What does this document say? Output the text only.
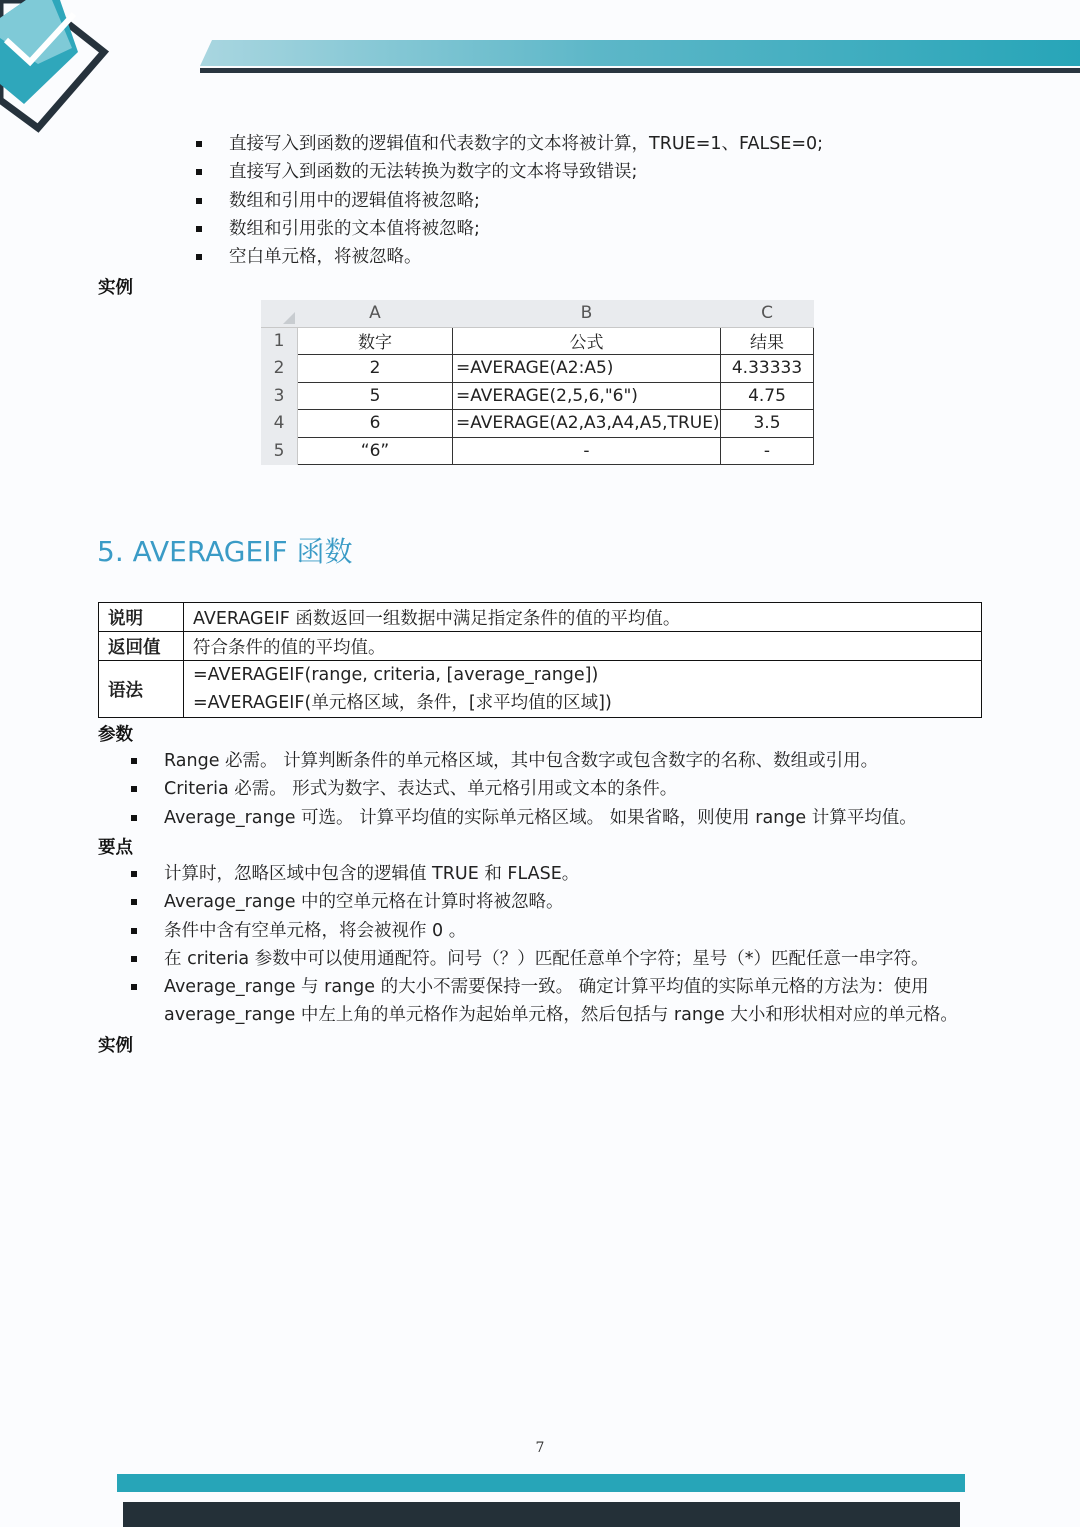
直接写入到函数的逻辑值和代表数字的文本将被计算，TRUE=1、FALSE=0;
直接写入到函数的无法转换为数字的文本将导致错误;
数组和引用中的逻辑值将被忽略;
数组和引用张的文本值将被忽略;
空白单元格，将被忽略。
实例
	A	B	C
1	数字	公式	结果
2	2	=AVERAGE(A2:A5)	4.33333
3	5	=AVERAGE(2,5,6,"6")	4.75
4	6	=AVERAGE(A2,A3,A4,A5,TRUE)	3.5
5	“6”	-	-
5. AVERAGEIF 函数
说明	AVERAGEIF 函数返回一组数据中满足指定条件的值的平均值。
返回值	符合条件的值的平均值。
语法	=AVERAGEIF(range, criteria, [average_range])
=AVERAGEIF(单元格区域，条件，[求平均值的区域])
参数
Range 必需。 计算判断条件的单元格区域，其中包含数字或包含数字的名称、数组或引用。
Criteria 必需。 形式为数字、表达式、单元格引用或文本的条件。
Average_range 可选。 计算平均值的实际单元格区域。 如果省略，则使用 range 计算平均值。
要点
计算时，忽略区域中包含的逻辑值 TRUE 和 FLASE。
Average_range 中的空单元格在计算时将被忽略。
条件中含有空单元格，将会被视作 0 。
在 criteria 参数中可以使用通配符。问号（？）匹配任意单个字符；星号（*）匹配任意一串字符。
Average_range 与 range 的大小不需要保持一致。 确定计算平均值的实际单元格的方法为：使用
average_range 中左上角的单元格作为起始单元格，然后包括与 range 大小和形状相对应的单元格。
实例
7
